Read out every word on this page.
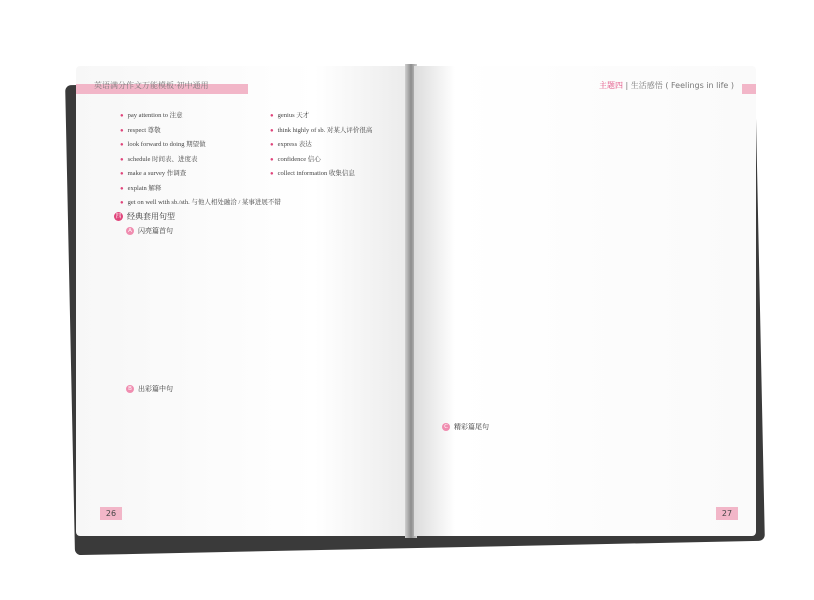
英语满分作文万能模板·初中通用
● pay attention to 注意
● respect 尊敬
● look forward to doing 期望做
● schedule 时间表、进度表
● make a survey 作调查
● explain 解释
● get on well with sb./sth. 与他人相处融洽 / 某事进展不错
● genius 天才
● think highly of sb. 对某人评价很高
● express 表达
● confidence 信心
● collect information 收集信息
四 经典套用句型
A 闪亮篇首句
B 出彩篇中句
26
主题四 | 生活感悟 ( Feelings in life )
C 精彩篇尾句
27
